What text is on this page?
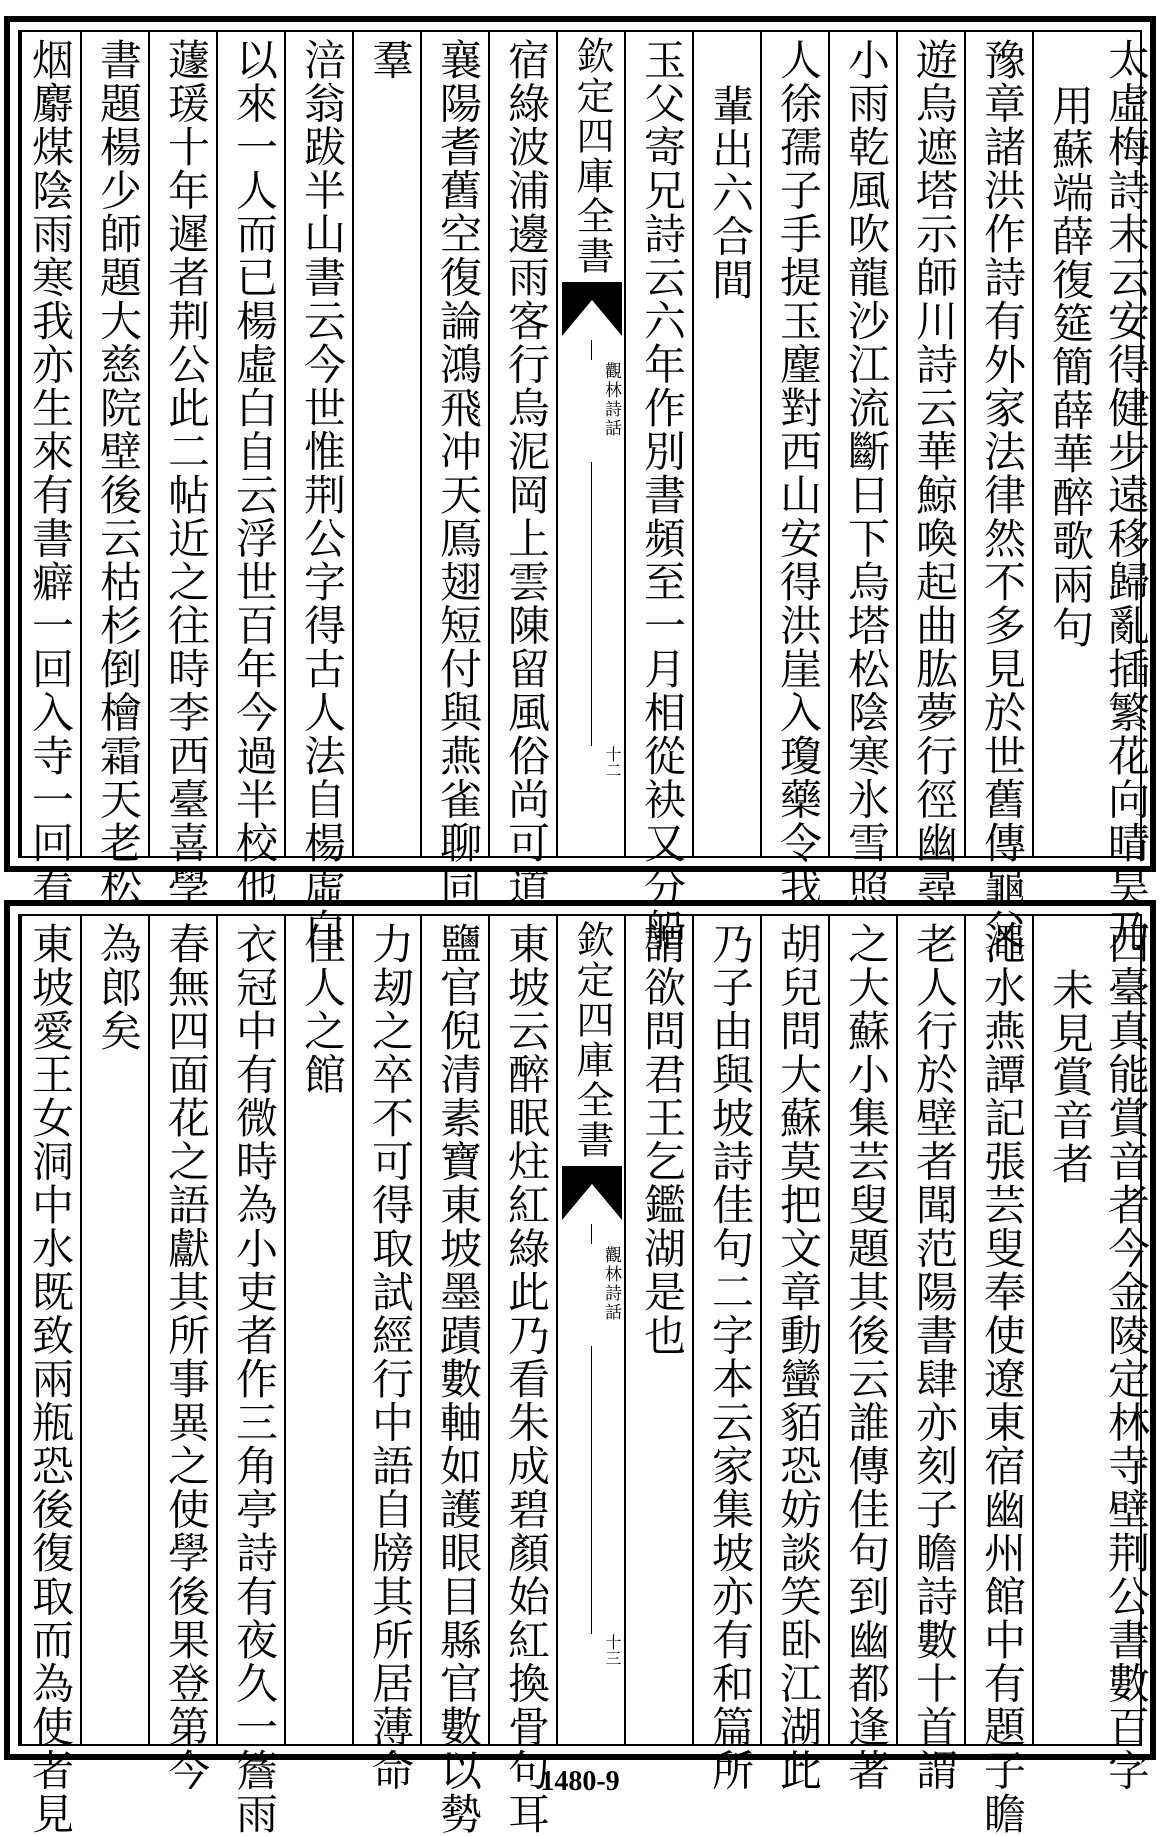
太虛梅詩末云安得健步遠移歸亂插繁花向晴昊乃
用蘇端薛復筵簡薛華醉歌兩句
豫章諸洪作詩有外家法律然不多見於世舊傳龜父
遊烏遮塔示師川詩云華鯨喚起曲肱夢行徑幽尋
小雨乾風吹龍沙江流斷日下烏塔松陰寒氷雪照
人徐孺子手提玉麈對西山安得洪崖入瓊藥令我
輩出六合間
玉父寄兄詩云六年作別書頻至一月相從袂又分船
欽定四庫全書
觀林詩話
十二
宿綠波浦邊雨客行烏泥岡上雲陳留風俗尚可道
襄陽耆舊空復論鴻飛冲天鳫翅短付與燕雀聊同
羣
涪翁跋半山書云今世惟荆公字得古人法自楊虛白
以來一人而已楊虛白自云浮世百年今過半校他
蘧瑗十年遲者荆公此二帖近之往時李西臺喜學
書題楊少師題大慈院壁後云枯杉倒檜霜天老松
烟麝煤陰雨寒我亦生來有書癖一回入寺一回看
西臺真能賞音者今金陵定林寺壁荆公書數百字
未見賞音者
澠水燕譚記張芸叟奉使遼東宿幽州館中有題子瞻
老人行於壁者聞范陽書肆亦刻子瞻詩數十首謂
之大蘇小集芸叟題其後云誰傳佳句到幽都逢著
胡兒問大蘇莫把文章動蠻貊恐妨談笑卧江湖此
乃子由與坡詩佳句二字本云家集坡亦有和篇所
謂欲問君王乞鑑湖是也
欽定四庫全書
觀林詩話
十三
東坡云醉眠炷紅綠此乃看朱成碧顏始紅換骨句耳
鹽官倪清素寶東坡墨蹟數軸如護眼目縣官數以勢
力刼之卒不可得取試經行中語自牓其所居薄命
佳人之館
衣冠中有微時為小吏者作三角亭詩有夜久一簷雨
春無四面花之語獻其所事異之使學後果登第今
為郎矣
東坡愛王女洞中水既致兩瓶恐後復取而為使者見	1480-9
